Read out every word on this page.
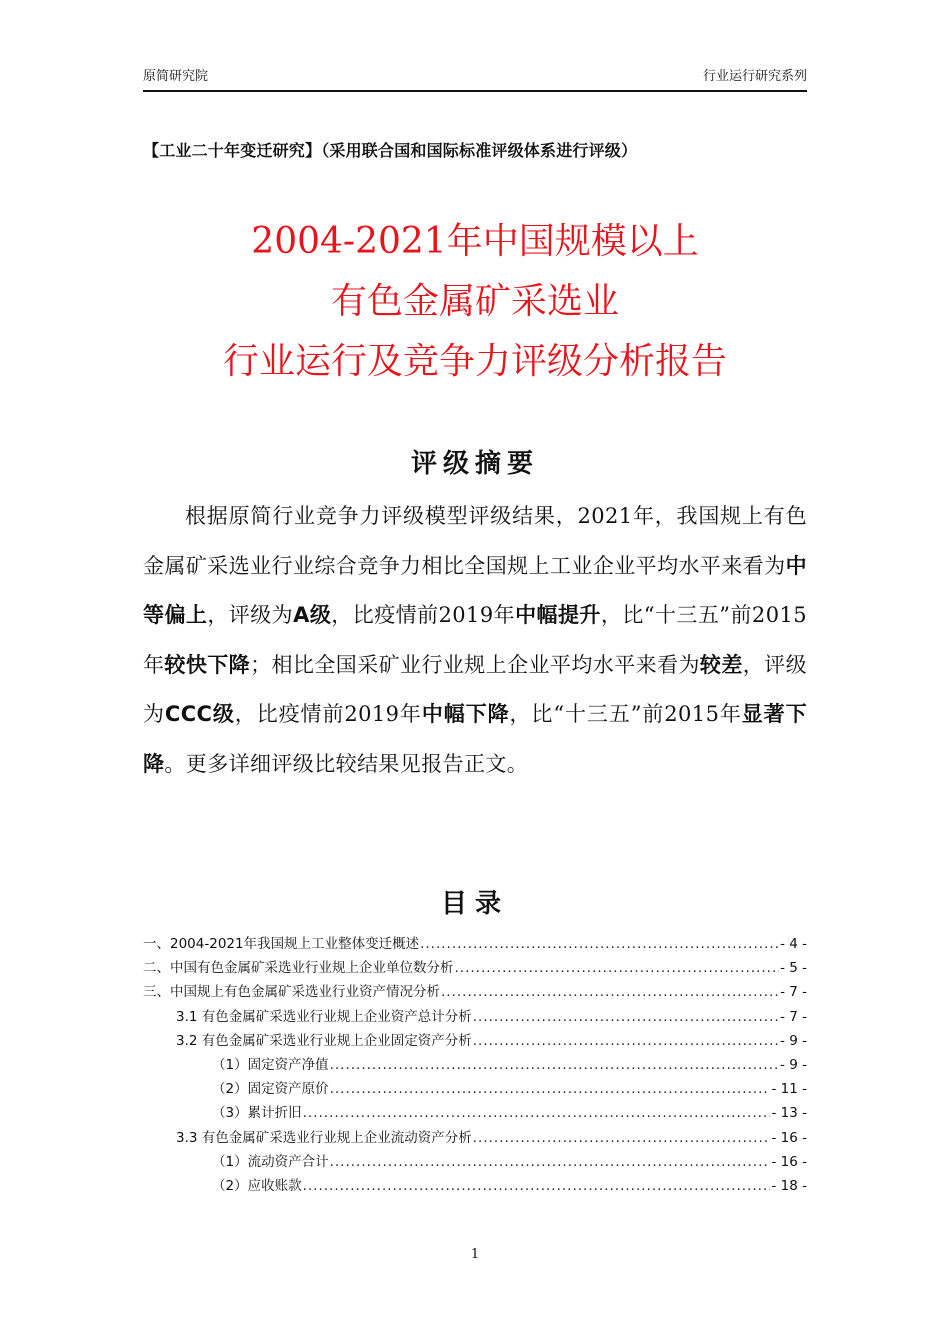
原简研究院	行业运行研究系列
【工业二十年变迁研究】（采用联合国和国际标准评级体系进行评级）
2004-2021年中国规模以上
有色金属矿采选业
行业运行及竞争力评级分析报告
评级摘要
根据原简行业竞争力评级模型评级结果，2021年，我国规上有色金属矿采选业行业综合竞争力相比全国规上工业企业平均水平来看为中等偏上，评级为A级，比疫情前2019年中幅提升，比“十三五”前2015年较快下降；相比全国采矿业行业规上企业平均水平来看为较差，评级为CCC级，比疫情前2019年中幅下降，比“十三五”前2015年显著下降。更多详细评级比较结果见报告正文。
目录
一、2004-2021年我国规上工业整体变迁概述 .....	- 4 -
二、中国有色金属矿采选业行业规上企业单位数分析 .....	- 5 -
三、中国规上有色金属矿采选业行业资产情况分析 .....	- 7 -
3.1 有色金属矿采选业行业规上企业资产总计分析 .....	- 7 -
3.2 有色金属矿采选业行业规上企业固定资产分析 .....	- 9 -
（1）固定资产净值 .....	- 9 -
（2）固定资产原价 .....	- 11 -
（3）累计折旧 .....	- 13 -
3.3 有色金属矿采选业行业规上企业流动资产分析 .....	- 16 -
（1）流动资产合计 .....	- 16 -
（2）应收账款 .....	- 18 -
1
